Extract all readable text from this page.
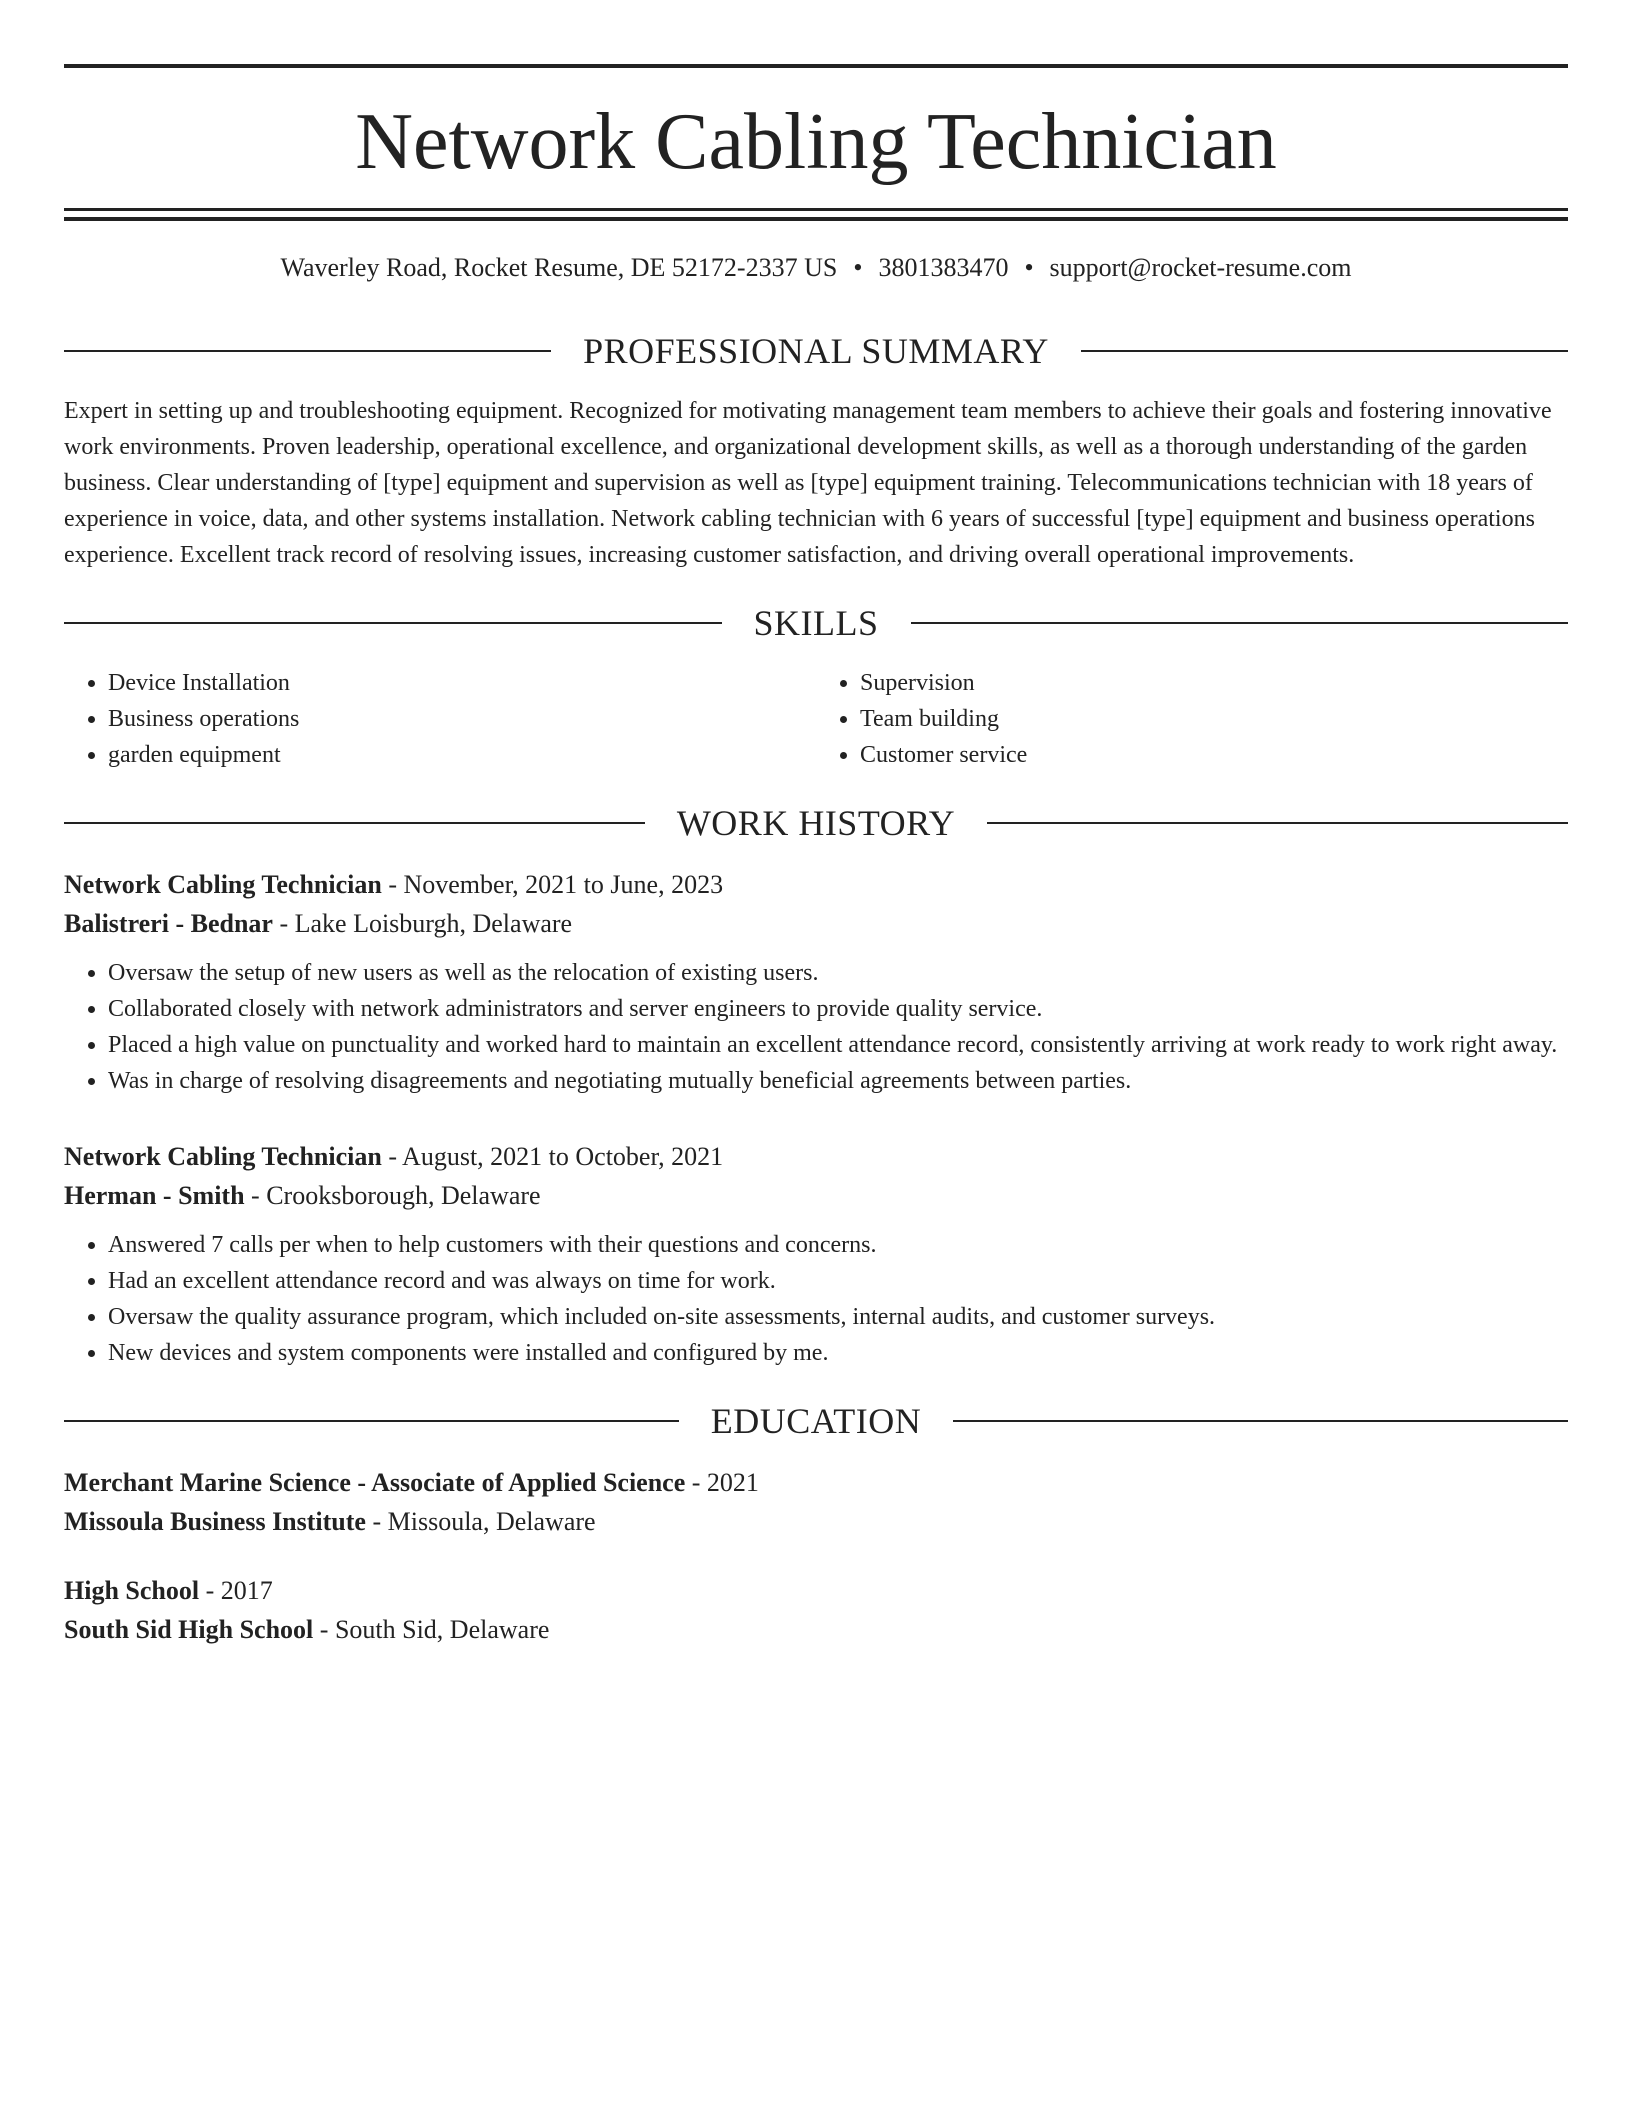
Network Cabling Technician
Waverley Road, Rocket Resume, DE 52172-2337 US • 3801383470 • support@rocket-resume.com
PROFESSIONAL SUMMARY
Expert in setting up and troubleshooting equipment. Recognized for motivating management team members to achieve their goals and fostering innovative work environments. Proven leadership, operational excellence, and organizational development skills, as well as a thorough understanding of the garden business. Clear understanding of [type] equipment and supervision as well as [type] equipment training. Telecommunications technician with 18 years of experience in voice, data, and other systems installation. Network cabling technician with 6 years of successful [type] equipment and business operations experience. Excellent track record of resolving issues, increasing customer satisfaction, and driving overall operational improvements.
SKILLS
• Device Installation
• Business operations
• garden equipment
• Supervision
• Team building
• Customer service
WORK HISTORY
Network Cabling Technician - November, 2021 to June, 2023
Balistreri - Bednar - Lake Loisburgh, Delaware
• Oversaw the setup of new users as well as the relocation of existing users.
• Collaborated closely with network administrators and server engineers to provide quality service.
• Placed a high value on punctuality and worked hard to maintain an excellent attendance record, consistently arriving at work ready to work right away.
• Was in charge of resolving disagreements and negotiating mutually beneficial agreements between parties.
Network Cabling Technician - August, 2021 to October, 2021
Herman - Smith - Crooksborough, Delaware
• Answered 7 calls per when to help customers with their questions and concerns.
• Had an excellent attendance record and was always on time for work.
• Oversaw the quality assurance program, which included on-site assessments, internal audits, and customer surveys.
• New devices and system components were installed and configured by me.
EDUCATION
Merchant Marine Science - Associate of Applied Science - 2021
Missoula Business Institute - Missoula, Delaware
High School - 2017
South Sid High School - South Sid, Delaware
